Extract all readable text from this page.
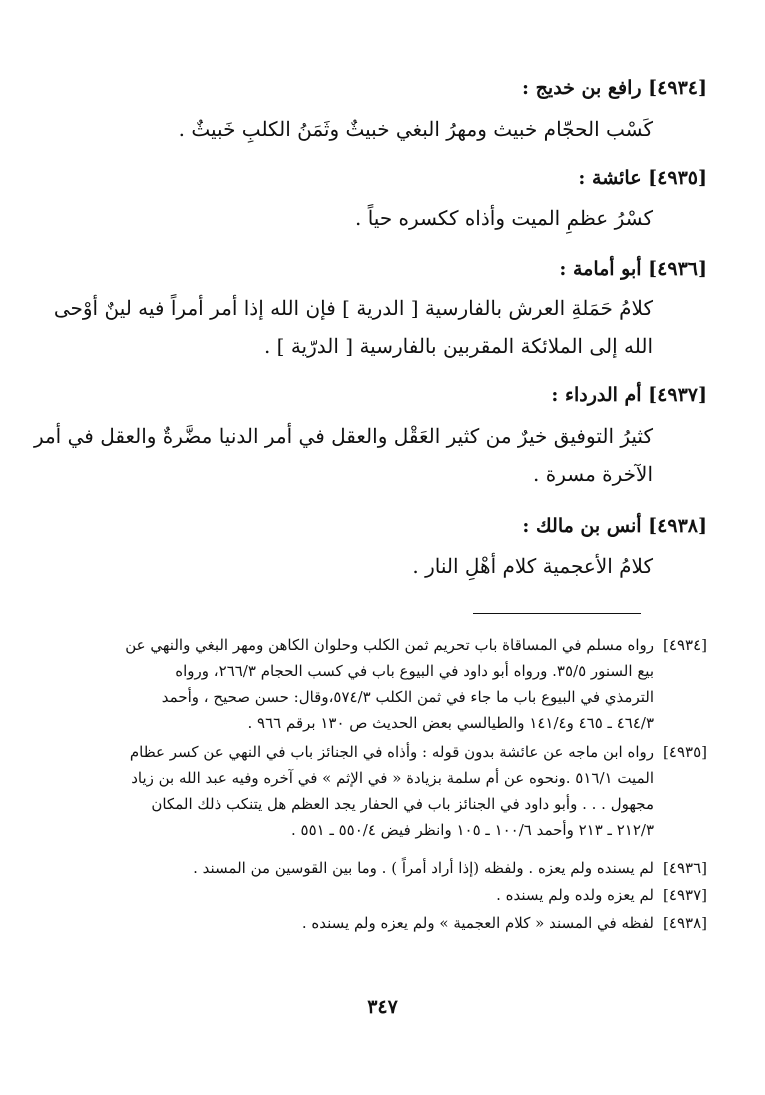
[٤٩٣٤] رافع بن خديج :
كَسْب الحجّام خبيث ومهرُ البغي خبيثٌ وثَمَنُ الكلبِ خَبيثٌ .
[٤٩٣٥] عائشة :
كسْرُ عظمِ الميت وأذاه ككسره حياً .
[٤٩٣٦] أبو أمامة :
كلامُ حَمَلةِ العرش بالفارسية [ الدرية ] فإن الله إذا أمر أمراً فيه لينٌ أوْحى
الله إلى الملائكة المقربين بالفارسية [ الدرّية ] .
[٤٩٣٧] أم الدرداء :
كثيرُ التوفيق خيرٌ من كثير العَقْل والعقل في أمر الدنيا مضَّرةٌ والعقل في أمر
الآخرة مسرة .
[٤٩٣٨] أنس بن مالك :
كلامُ الأعجمية كلام أهْلِ النار .
[٤٩٣٤]
رواه مسلم في المساقاة باب تحريم ثمن الكلب وحلوان الكاهن ومهر البغي والنهي عن
بيع السنور ٣٥/٥. ورواه أبو داود في البيوع باب في كسب الحجام ٢٦٦/٣، ورواه
الترمذي في البيوع باب ما جاء في ثمن الكلب ٥٧٤/٣،وقال: حسن صحيح ، وأحمد
٤٦٤/٣ ـ ٤٦٥ و١٤١/٤ والطيالسي بعض الحديث ص ١٣٠ برقم ٩٦٦ .
[٤٩٣٥]
رواه ابن ماجه عن عائشة بدون قوله : وأذاه في الجنائز باب في النهي عن كسر عظام
الميت ٥١٦/١ .ونحوه عن أم سلمة بزيادة « في الإثم » في آخره وفيه عبد الله بن زياد
مجهول . . . وأبو داود في الجنائز باب في الحفار يجد العظم هل يتنكب ذلك المكان
٢١٢/٣ ـ ٢١٣ وأحمد ١٠٠/٦ ـ ١٠٥ وانظر فيض ٥٥٠/٤ ـ ٥٥١ .
[٤٩٣٦]
لم يسنده ولم يعزه . ولفظه (إذا أراد أمراً ) . وما بين القوسين من المسند .
[٤٩٣٧]
لم يعزه ولده ولم يسنده .
[٤٩٣٨]
لفظه في المسند « كلام العجمية » ولم يعزه ولم يسنده .
٣٤٧
